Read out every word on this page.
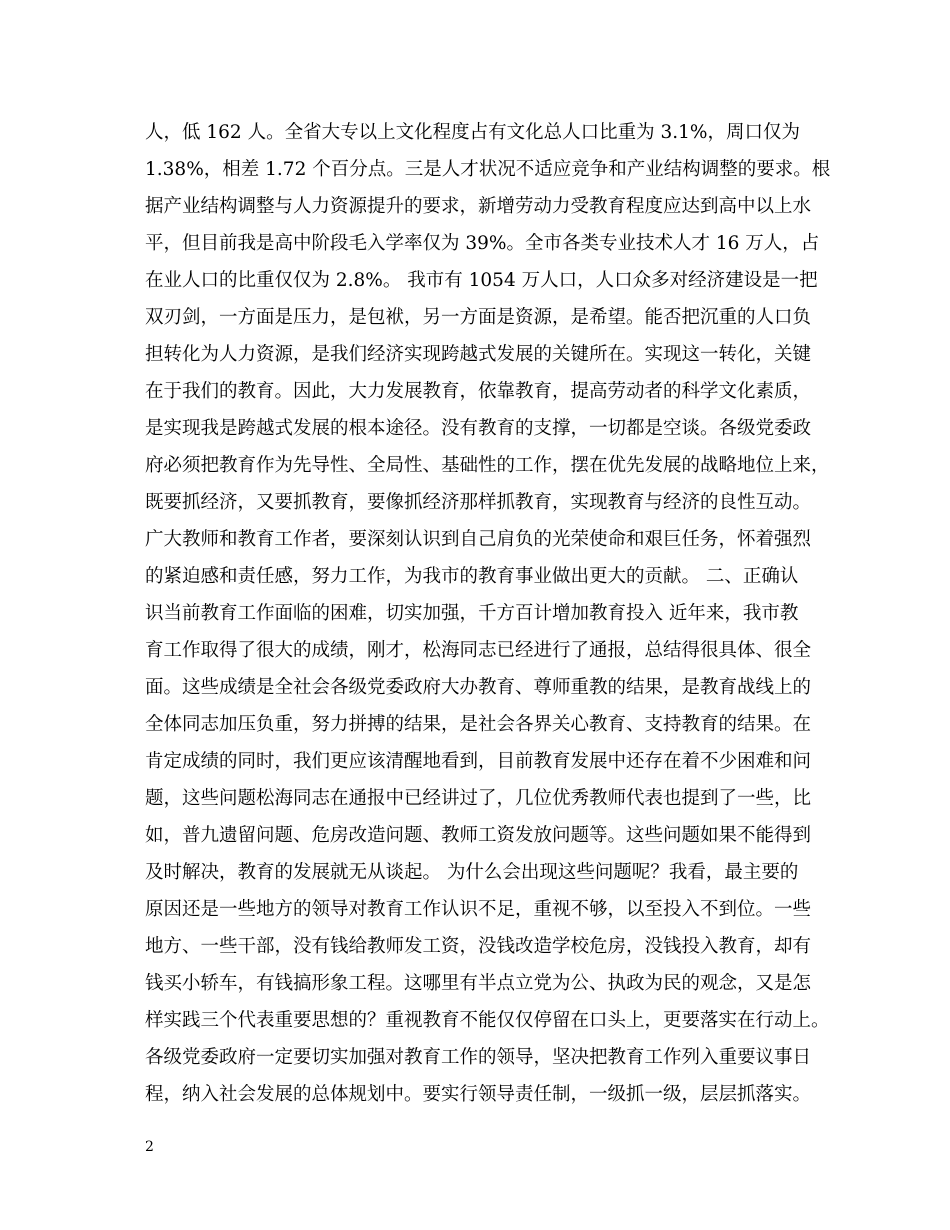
人，低 162 人。全省大专以上文化程度占有文化总人口比重为 3.1%，周口仅为
1.38%，相差 1.72 个百分点。三是人才状况不适应竞争和产业结构调整的要求。根
据产业结构调整与人力资源提升的要求，新增劳动力受教育程度应达到高中以上水
平，但目前我是高中阶段毛入学率仅为 39%。全市各类专业技术人才 16 万人，占
在业人口的比重仅仅为 2.8%。 我市有 1054 万人口，人口众多对经济建设是一把
双刃剑，一方面是压力，是包袱，另一方面是资源，是希望。能否把沉重的人口负
担转化为人力资源，是我们经济实现跨越式发展的关键所在。实现这一转化，关键
在于我们的教育。因此，大力发展教育，依靠教育，提高劳动者的科学文化素质，
是实现我是跨越式发展的根本途径。没有教育的支撑，一切都是空谈。各级党委政
府必须把教育作为先导性、全局性、基础性的工作，摆在优先发展的战略地位上来，
既要抓经济，又要抓教育，要像抓经济那样抓教育，实现教育与经济的良性互动。
广大教师和教育工作者，要深刻认识到自己肩负的光荣使命和艰巨任务，怀着强烈
的紧迫感和责任感，努力工作，为我市的教育事业做出更大的贡献。 二、正确认
识当前教育工作面临的困难，切实加强，千方百计增加教育投入 近年来，我市教
育工作取得了很大的成绩，刚才，松海同志已经进行了通报，总结得很具体、很全
面。这些成绩是全社会各级党委政府大办教育、尊师重教的结果，是教育战线上的
全体同志加压负重，努力拼搏的结果，是社会各界关心教育、支持教育的结果。在
肯定成绩的同时，我们更应该清醒地看到，目前教育发展中还存在着不少困难和问
题，这些问题松海同志在通报中已经讲过了，几位优秀教师代表也提到了一些，比
如，普九遗留问题、危房改造问题、教师工资发放问题等。这些问题如果不能得到
及时解决，教育的发展就无从谈起。 为什么会出现这些问题呢？我看，最主要的
原因还是一些地方的领导对教育工作认识不足，重视不够，以至投入不到位。一些
地方、一些干部，没有钱给教师发工资，没钱改造学校危房，没钱投入教育，却有
钱买小轿车，有钱搞形象工程。这哪里有半点立党为公、执政为民的观念，又是怎
样实践三个代表重要思想的？重视教育不能仅仅停留在口头上，更要落实在行动上。
各级党委政府一定要切实加强对教育工作的领导，坚决把教育工作列入重要议事日
程，纳入社会发展的总体规划中。要实行领导责任制，一级抓一级，层层抓落实。
2
